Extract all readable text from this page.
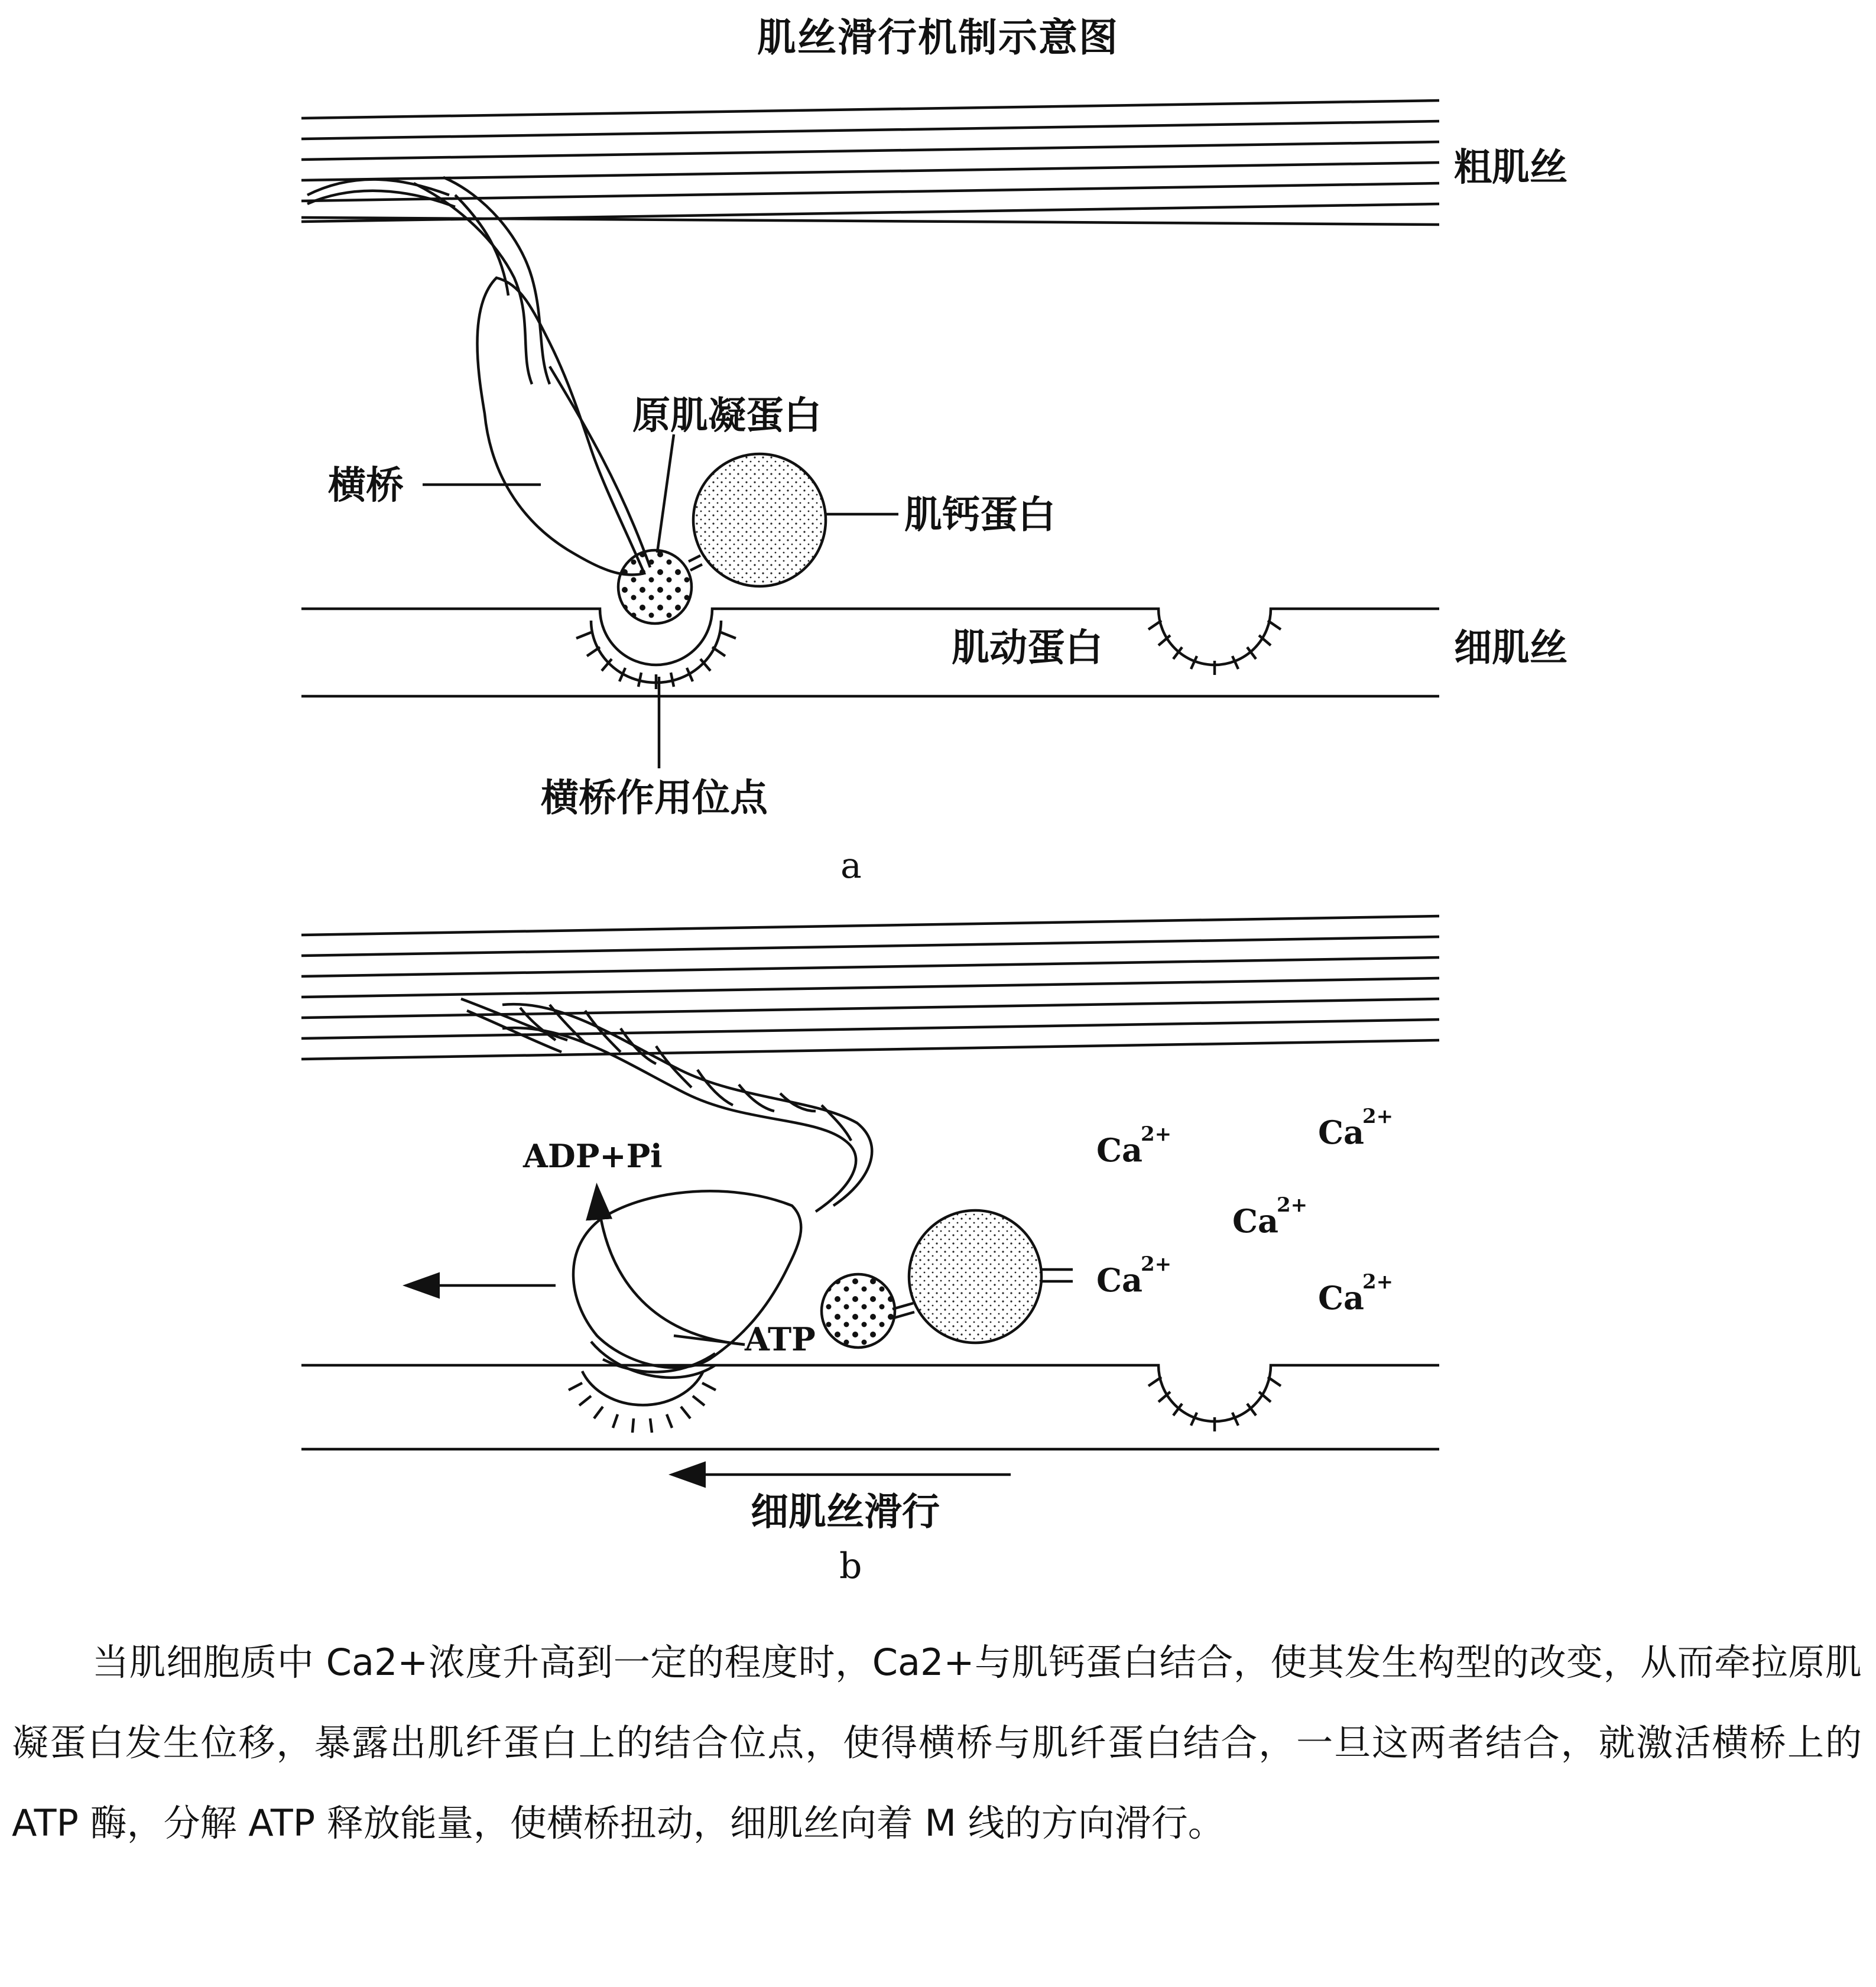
肌丝滑行机制示意图
粗肌丝
原肌凝蛋白
横桥
肌钙蛋白
肌动蛋白	细肌丝
横桥作用位点
a
ADP+Pi
ATP
细肌丝滑行
b
Ca
2+	Ca
2+
Ca
2+
Ca
2+
Ca
2+
当肌细胞质中 Ca2+浓度升高到一定的程度时，Ca2+与肌钙蛋白结合，使其发生构型的改变，从而牵拉原肌凝蛋白发生位移，暴露出肌纤蛋白上的结合位点，使得横桥与肌纤蛋白结合，一旦这两者结合，就激活横桥上的 ATP 酶，分解 ATP 释放能量，使横桥扭动，细肌丝向着 M 线的方向滑行。
